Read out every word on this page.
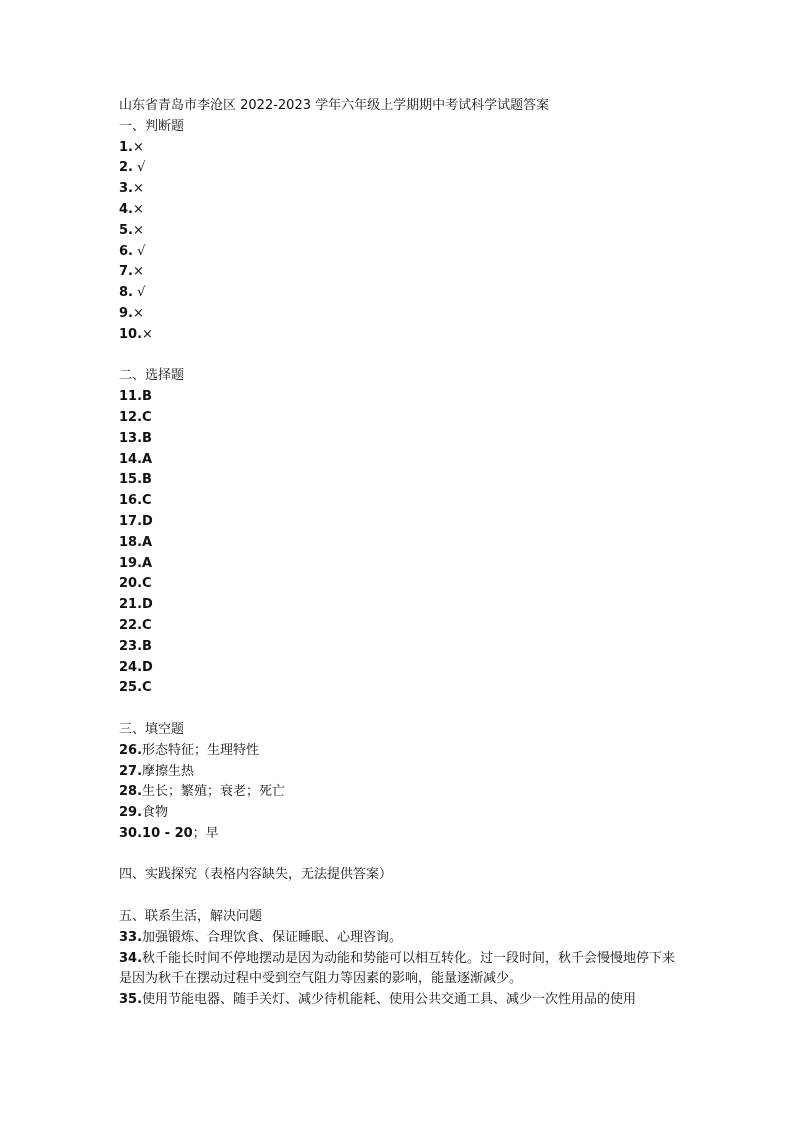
山东省青岛市李沧区 2022-2023 学年六年级上学期期中考试科学试题答案
一、判断题
1.×
2. √
3.×
4.×
5.×
6. √
7.×
8. √
9.×
10.×
二、选择题
11.B
12.C
13.B
14.A
15.B
16.C
17.D
18.A
19.A
20.C
21.D
22.C
23.B
24.D
25.C
三、填空题
26.形态特征；生理特性
27.摩擦生热
28.生长；繁殖；衰老；死亡
29.食物
30.10 - 20；早
四、实践探究（表格内容缺失，无法提供答案）
五、联系生活，解决问题
33.加强锻炼、合理饮食、保证睡眠、心理咨询。
34.秋千能长时间不停地摆动是因为动能和势能可以相互转化。过一段时间，秋千会慢慢地停下来是因为秋千在摆动过程中受到空气阻力等因素的影响，能量逐渐减少。
35.使用节能电器、随手关灯、减少待机能耗、使用公共交通工具、减少一次性用品的使用
